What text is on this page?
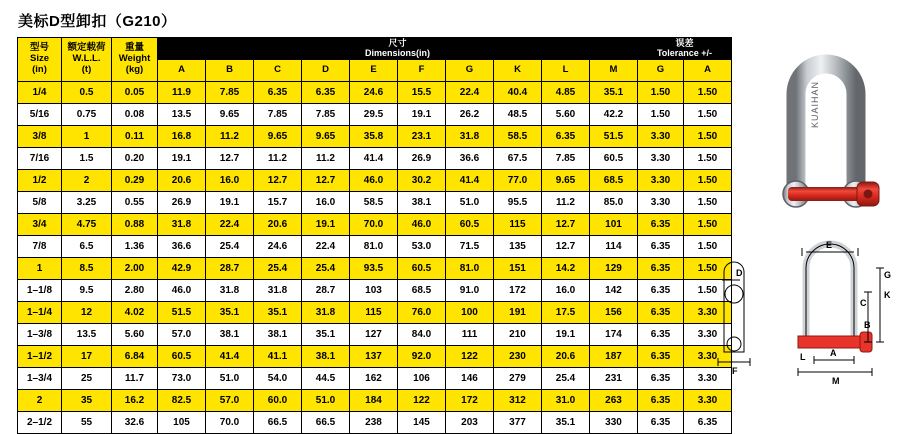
美标D型卸扣（G210）
型号
Size
(in)

额定载荷
W.L.L.
(t)

重量
Weight
(kg)

尺寸
Dimensions(in)

误差
Tolerance +/-

			A	B	C	D	E	F	G	K	L	M	G	A
1/4	0.5	0.05	11.9	7.85	6.35	6.35	24.6	15.5	22.4	40.4	4.85	35.1	1.50	1.50
5/16	0.75	0.08	13.5	9.65	7.85	7.85	29.5	19.1	26.2	48.5	5.60	42.2	1.50	1.50
3/8	1	0.11	16.8	11.2	9.65	9.65	35.8	23.1	31.8	58.5	6.35	51.5	3.30	1.50
7/16	1.5	0.20	19.1	12.7	11.2	11.2	41.4	26.9	36.6	67.5	7.85	60.5	3.30	1.50
1/2	2	0.29	20.6	16.0	12.7	12.7	46.0	30.2	41.4	77.0	9.65	68.5	3.30	1.50
5/8	3.25	0.55	26.9	19.1	15.7	16.0	58.5	38.1	51.0	95.5	11.2	85.0	3.30	1.50
3/4	4.75	0.88	31.8	22.4	20.6	19.1	70.0	46.0	60.5	115	12.7	101	6.35	1.50
7/8	6.5	1.36	36.6	25.4	24.6	22.4	81.0	53.0	71.5	135	12.7	114	6.35	1.50
1	8.5	2.00	42.9	28.7	25.4	25.4	93.5	60.5	81.0	151	14.2	129	6.35	1.50
1–1/8	9.5	2.80	46.0	31.8	31.8	28.7	103	68.5	91.0	172	16.0	142	6.35	1.50
1–1/4	12	4.02	51.5	35.1	35.1	31.8	115	76.0	100	191	17.5	156	6.35	3.30
1–3/8	13.5	5.60	57.0	38.1	38.1	35.1	127	84.0	111	210	19.1	174	6.35	3.30
1–1/2	17	6.84	60.5	41.4	41.1	38.1	137	92.0	122	230	20.6	187	6.35	3.30
1–3/4	25	11.7	73.0	51.0	54.0	44.5	162	106	146	279	25.4	231	6.35	3.30
2	35	16.2	82.5	57.0	60.0	51.0	184	122	172	312	31.0	263	6.35	3.30
2–1/2	55	32.6	105	70.0	66.5	66.5	238	145	203	377	35.1	330	6.35	6.35
KUAIHAN
E
D
C
K
G
B
A
M
F
L
